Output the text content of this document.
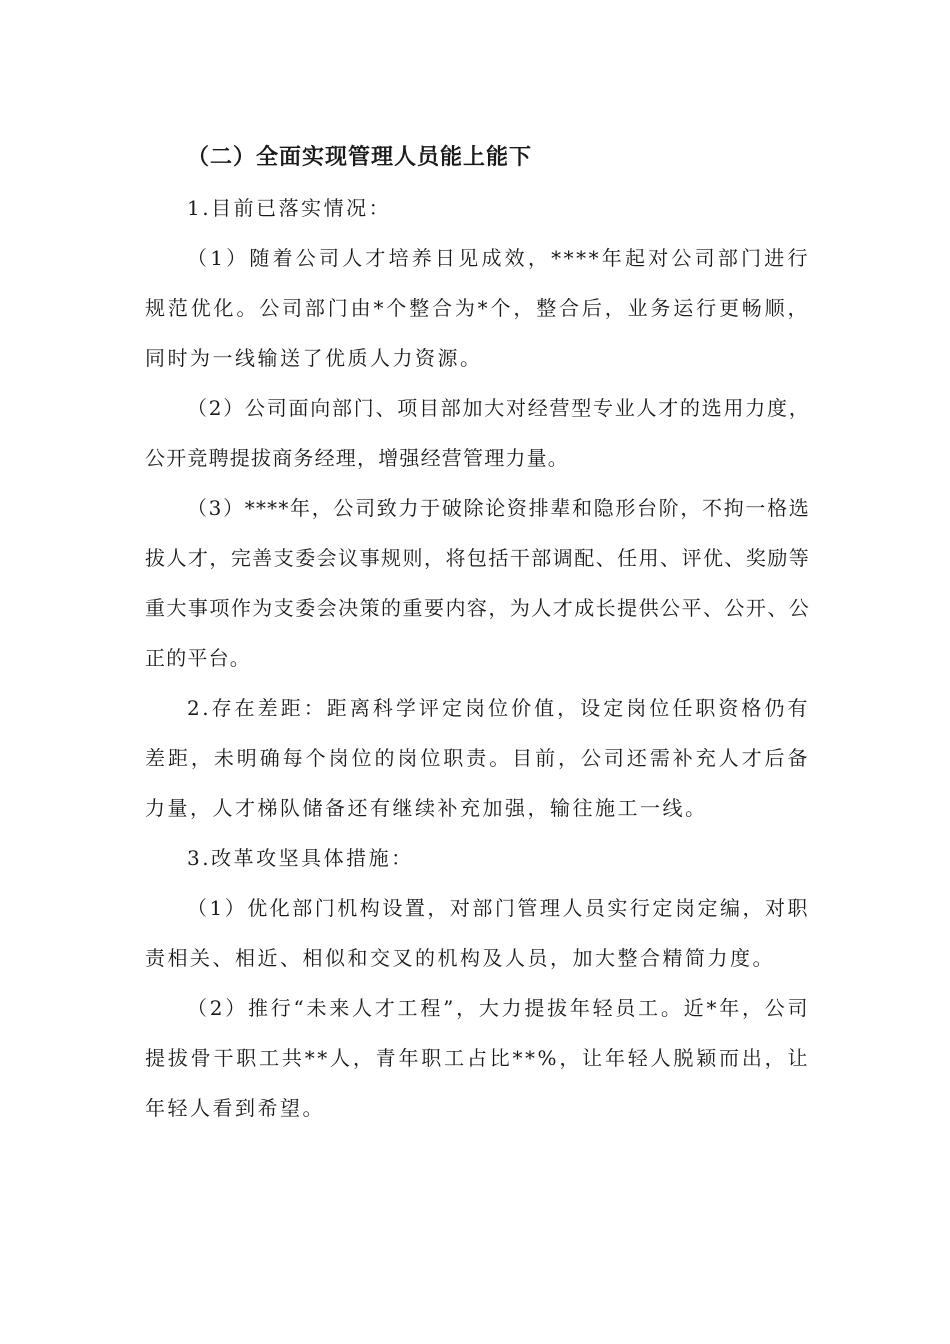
（二）全面实现管理人员能上能下

1.目前已落实情况：

（1）随着公司人才培养日见成效，****年起对公司部门进行规范优化。公司部门由*个整合为*个，整合后，业务运行更畅顺，同时为一线输送了优质人力资源。

（2）公司面向部门、项目部加大对经营型专业人才的选用力度，公开竞聘提拔商务经理，增强经营管理力量。

（3）****年，公司致力于破除论资排辈和隐形台阶，不拘一格选拔人才，完善支委会议事规则，将包括干部调配、任用、评优、奖励等重大事项作为支委会决策的重要内容，为人才成长提供公平、公开、公正的平台。

2.存在差距：距离科学评定岗位价值，设定岗位任职资格仍有差距，未明确每个岗位的岗位职责。目前，公司还需补充人才后备力量，人才梯队储备还有继续补充加强，输往施工一线。

3.改革攻坚具体措施：

（1）优化部门机构设置，对部门管理人员实行定岗定编，对职责相关、相近、相似和交叉的机构及人员，加大整合精简力度。

（2）推行“未来人才工程”，大力提拔年轻员工。近*年，公司提拔骨干职工共**人，青年职工占比**%，让年轻人脱颖而出，让年轻人看到希望。
